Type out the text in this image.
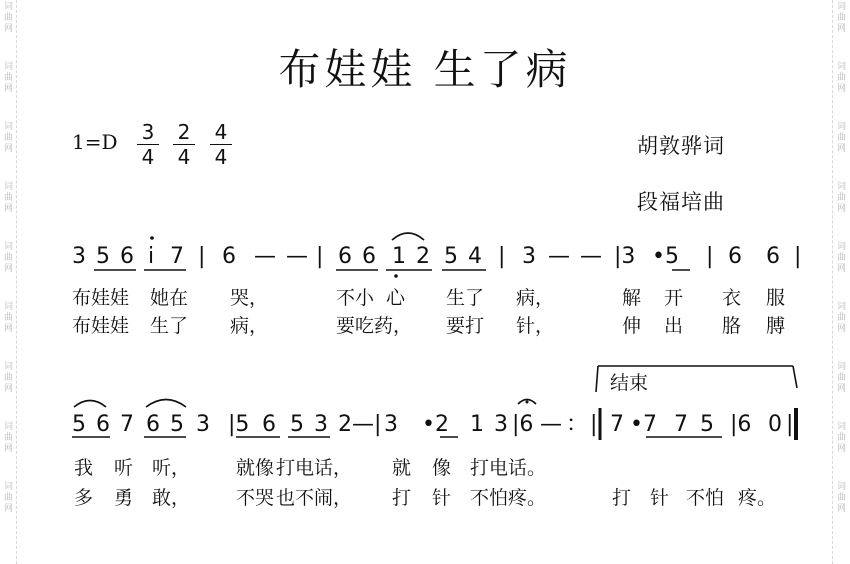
词
曲
网
词
曲
网
词
曲
网
词
曲
网
词
曲
网
词
曲
网
词
曲
网
词
曲
网
词
曲
网
词
曲
网
词
曲
网
词
曲
网
词
曲
网
词
曲
网
词
曲
网
词
曲
网
词
曲
网
词
曲
网
布娃娃 生了病
1=D 3
4
2
4
4
4	胡敦骅词
段福培曲
结束
3 5 6 i 7 | 6 — — | 6 6 1 2 5 4 | 3 — — |3 •5 | 6 6 |
布娃娃 她在 哭，	不小 心 生了 病，	解 开 衣 服
布娃娃 生了 病，	要吃药， 要打 针，	伸 出 胳 膊
5 6 7 6 5 3 |5 6 5 3 2—| 3 •2 1 3 |6 — ： | 7 •7 7 5 |6 0 |
我 听 听， 就像 打电话， 就 像 打电话。
多 勇 敢， 不哭 也不闹， 打 针 不怕疼。	打 针 不怕 疼。
